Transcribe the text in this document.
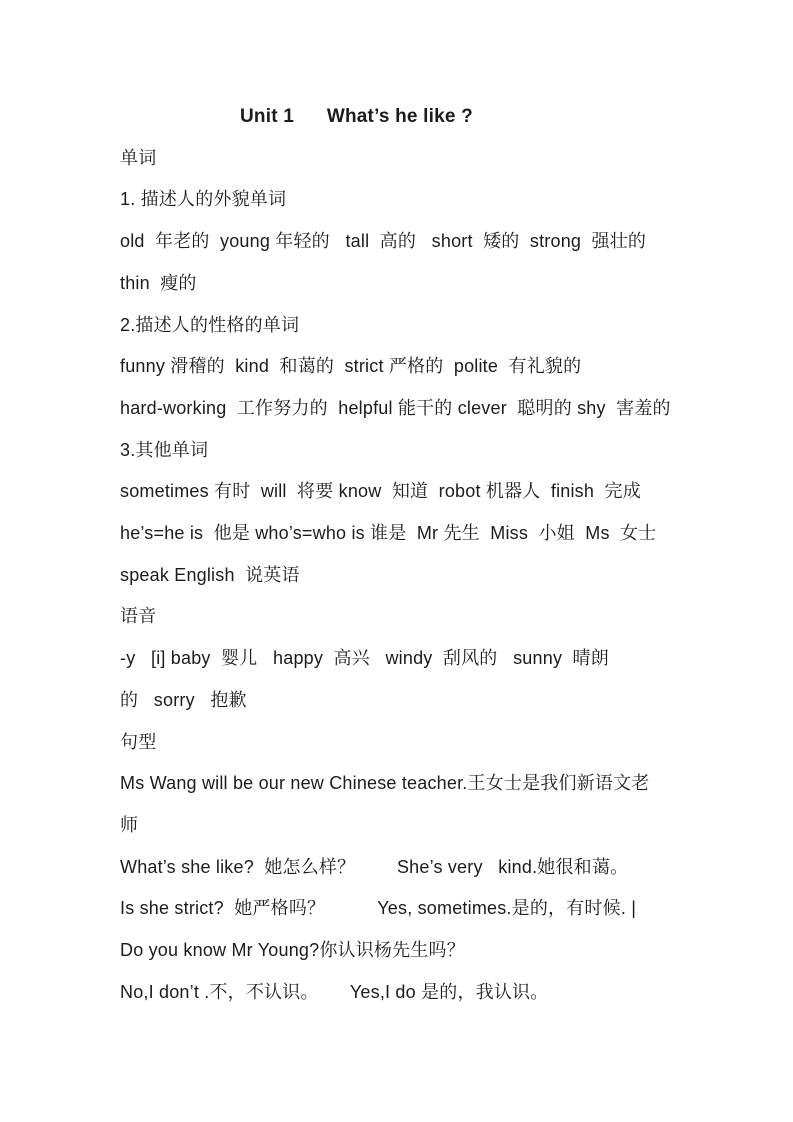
Unit 1      What’s he like ?
单词
1. 描述人的外貌单词
old  年老的  young 年轻的   tall  高的   short  矮的  strong  强壮的
thin  瘦的
2.描述人的性格的单词
funny 滑稽的  kind  和蔼的  strict 严格的  polite  有礼貌的
hard-working  工作努力的  helpful 能干的 clever  聪明的 shy  害羞的
3.其他单词
sometimes 有时  will  将要 know  知道  robot 机器人  finish  完成
he’s=he is  他是 who’s=who is 谁是  Mr 先生  Miss  小姐  Ms  女士
speak English  说英语
语音
-y   [i] baby  婴儿   happy  高兴   windy  刮风的   sunny  晴朗
的   sorry   抱歉
句型
Ms Wang will be our new Chinese teacher.王女士是我们新语文老
师
What’s she like?  她怎么样？        She’s very   kind.她很和蔼。
Is she strict?  她严格吗？          Yes, sometimes.是的，有时候. |
Do you know Mr Young?你认识杨先生吗？
No,I don’t .不，不认识。      Yes,I do 是的，我认识。
